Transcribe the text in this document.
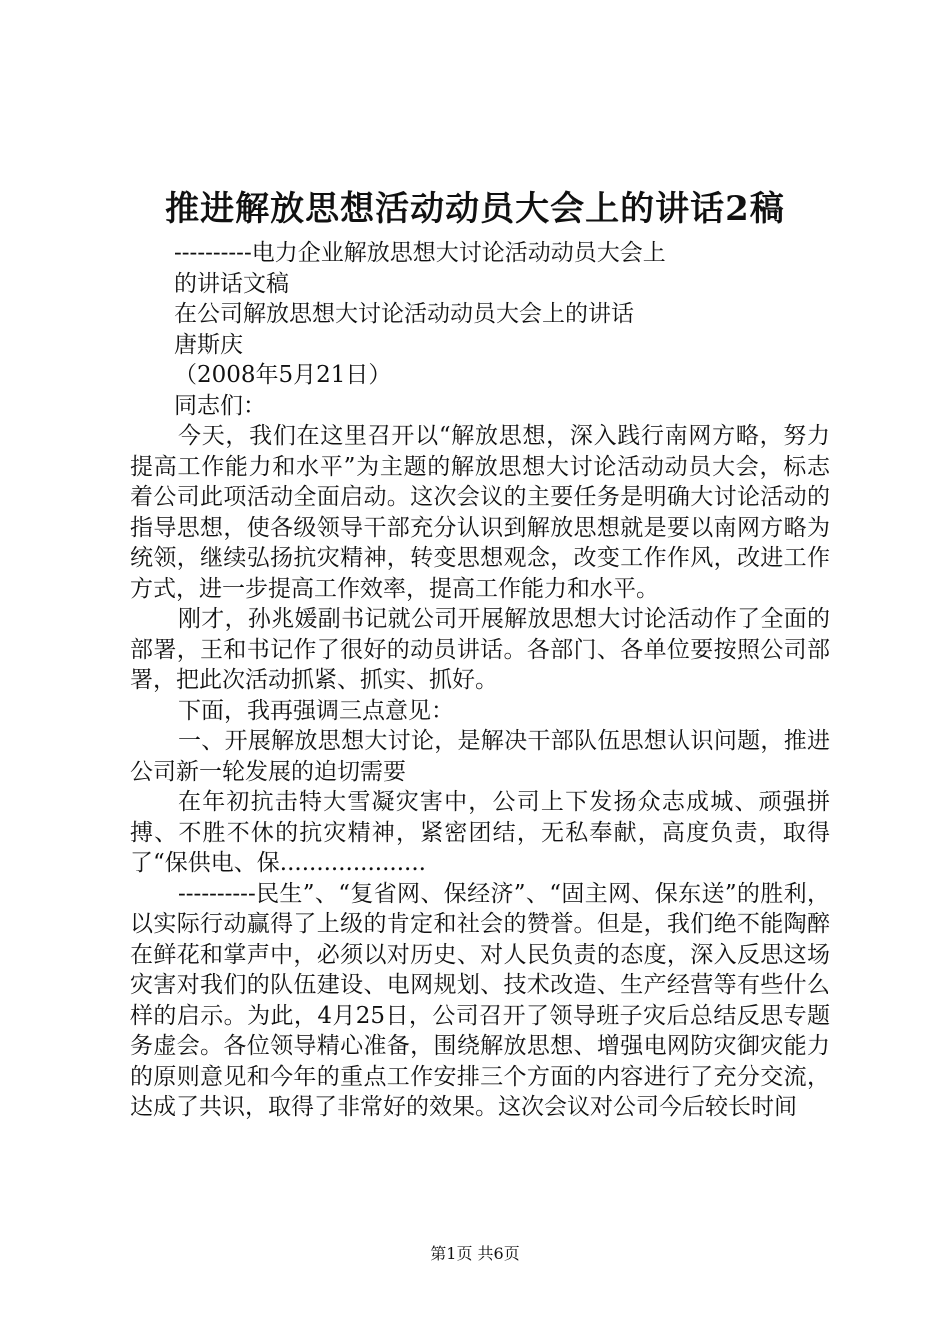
推进解放思想活动动员大会上的讲话2稿

----------电力企业解放思想大讨论活动动员大会上

的讲话文稿

在公司解放思想大讨论活动动员大会上的讲话

唐斯庆

（2008年5月21日）

同志们：

今天，我们在这里召开以“解放思想，深入践行南网方略，努力提高工作能力和水平”为主题的解放思想大讨论活动动员大会，标志着公司此项活动全面启动。这次会议的主要任务是明确大讨论活动的指导思想，使各级领导干部充分认识到解放思想就是要以南网方略为统领，继续弘扬抗灾精神，转变思想观念，改变工作作风，改进工作方式，进一步提高工作效率，提高工作能力和水平。

刚才，孙兆媛副书记就公司开展解放思想大讨论活动作了全面的部署，王和书记作了很好的动员讲话。各部门、各单位要按照公司部署，把此次活动抓紧、抓实、抓好。

下面，我再强调三点意见：

一、开展解放思想大讨论，是解决干部队伍思想认识问题，推进公司新一轮发展的迫切需要

在年初抗击特大雪凝灾害中，公司上下发扬众志成城、顽强拼搏、不胜不休的抗灾精神，紧密团结，无私奉献，高度负责，取得了“保供电、保....................

----------民生”、“复省网、保经济”、“固主网、保东送”的胜利，以实际行动赢得了上级的肯定和社会的赞誉。但是，我们绝不能陶醉在鲜花和掌声中，必须以对历史、对人民负责的态度，深入反思这场灾害对我们的队伍建设、电网规划、技术改造、生产经营等有些什么样的启示。为此，4月25日，公司召开了领导班子灾后总结反思专题务虚会。各位领导精心准备，围绕解放思想、增强电网防灾御灾能力的原则意见和今年的重点工作安排三个方面的内容进行了充分交流，达成了共识，取得了非常好的效果。这次会议对公司今后较长时间

第1页 共6页
